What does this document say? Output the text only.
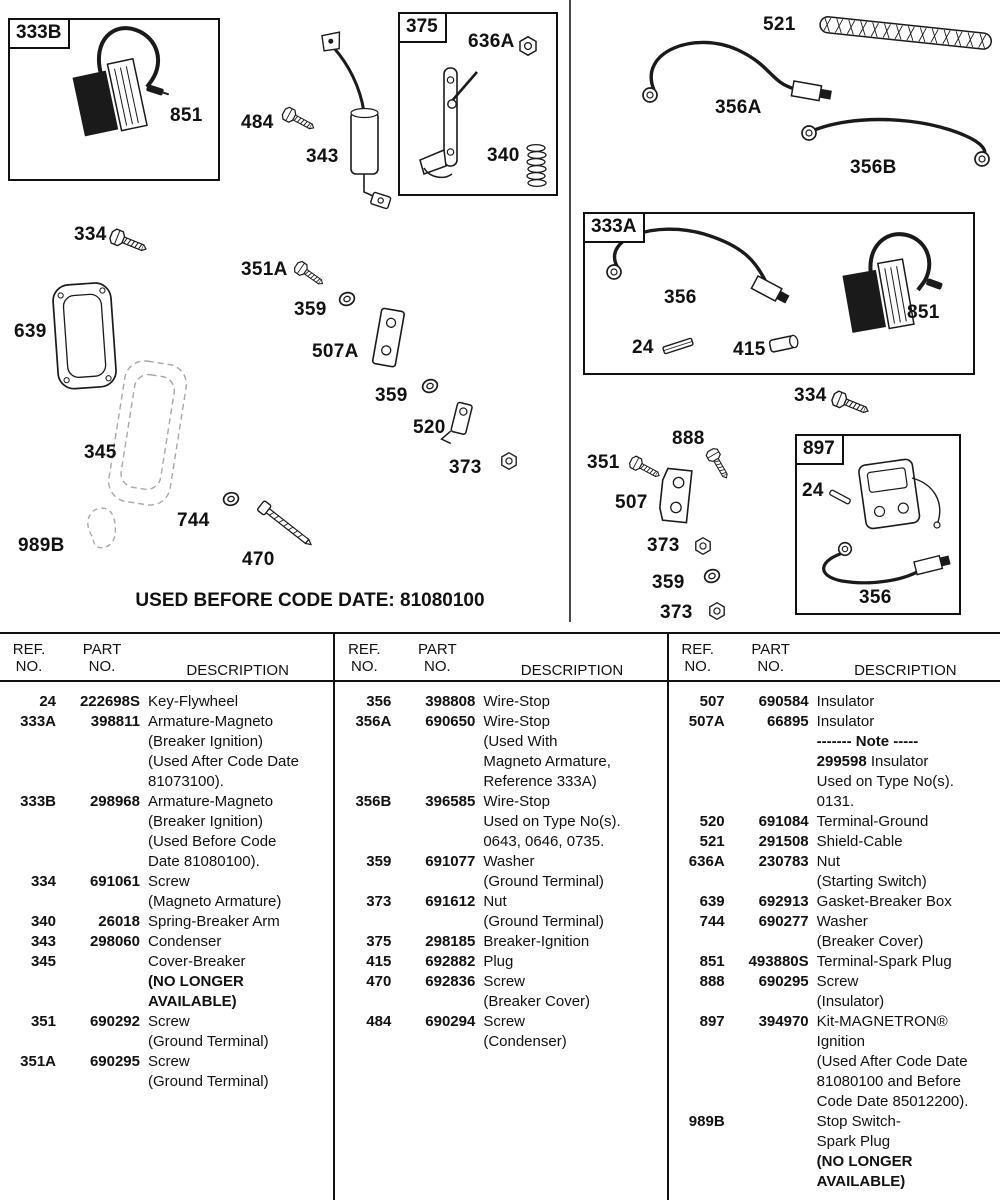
USED BEFORE CODE DATE: 81080100
333B	375
333A
897
851 484
343
636A
340
521
356A
356B
356
851
24	415
334
351A
359
507A
639
359
520
373
345
744
470
989B
334
888
351
507
373
359
373
24
356
REF.
NO.
PART
NO.	DESCRIPTION
24	222698S Key-Flywheel
333A	398811 Armature-Magneto
(Breaker Ignition)
(Used After Code Date
81073100).
333B	298968 Armature-Magneto
(Breaker Ignition)
(Used Before Code
Date 81080100).
334	691061 Screw
(Magneto Armature)
340	26018 Spring-Breaker Arm
343	298060 Condenser
345	Cover-Breaker
(NO LONGER
AVAILABLE)
351	690292 Screw
(Ground Terminal)
351A	690295 Screw
(Ground Terminal)
REF.
NO.
PART
NO.	DESCRIPTION
356	398808 Wire-Stop
356A	690650 Wire-Stop
(Used With
Magneto Armature,
Reference 333A)
356B	396585 Wire-Stop
Used on Type No(s).
0643, 0646, 0735.
359	691077 Washer
(Ground Terminal)
373	691612 Nut
(Ground Terminal)
375	298185 Breaker-Ignition
415	692882 Plug
470	692836 Screw
(Breaker Cover)
484	690294 Screw
(Condenser)
REF.
NO.
PART
NO.	DESCRIPTION
507	690584 Insulator
507A	66895 Insulator
------- Note -----
299598 Insulator
Used on Type No(s).
0131.
520	691084 Terminal-Ground
521	291508 Shield-Cable
636A	230783 Nut
(Starting Switch)
639	692913 Gasket-Breaker Box
744	690277 Washer
(Breaker Cover)
851	493880S Terminal-Spark Plug
888	690295 Screw
(Insulator)
897	394970 Kit-MAGNETRON®
Ignition
(Used After Code Date
81080100 and Before
Code Date 85012200).
989B	Stop Switch-
Spark Plug
(NO LONGER
AVAILABLE)
